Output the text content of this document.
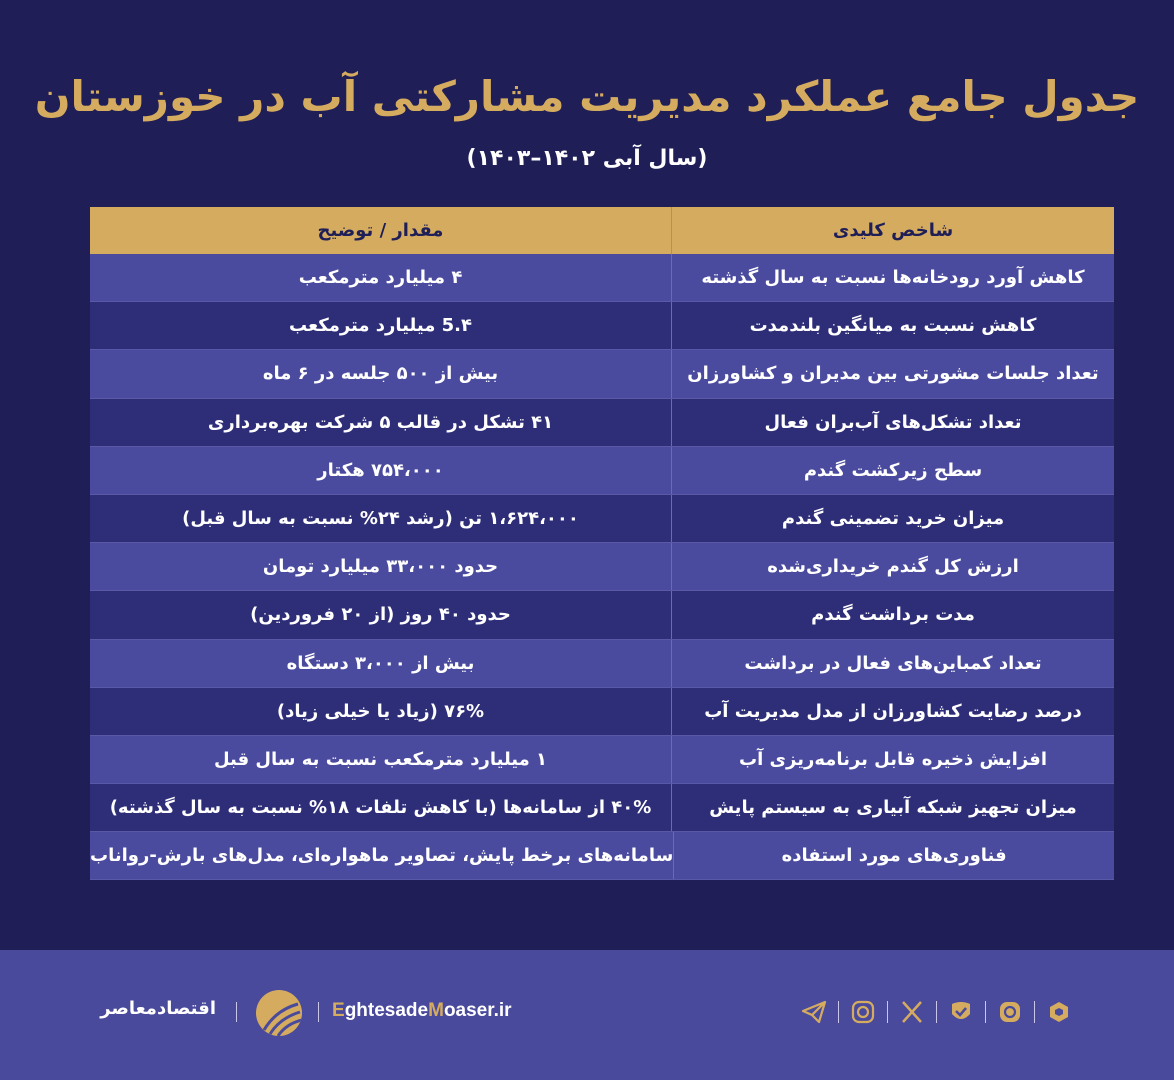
جدول جامع عملکرد مدیریت مشارکتی آب در خوزستان
(سال آبی ۱۴۰۲–۱۴۰۳)
شاخص کلیدی
مقدار / توضیح
کاهش آورد رودخانه‌ها نسبت به سال گذشته
۴ میلیارد مترمکعب
کاهش نسبت به میانگین بلندمدت
5.۴ میلیارد مترمکعب
تعداد جلسات مشورتی بین مدیران و کشاورزان
بیش از ۵۰۰ جلسه در ۶ ماه
تعداد تشکل‌های آب‌بران فعال
۴۱ تشکل در قالب ۵ شرکت بهره‌برداری
سطح زیرکشت گندم
۷۵۴،۰۰۰ هکتار
میزان خرید تضمینی گندم
۱،۶۲۴،۰۰۰ تن (رشد ۲۴% نسبت به سال قبل)
ارزش کل گندم خریداری‌شده
حدود ۳۳،۰۰۰ میلیارد تومان
مدت برداشت گندم
حدود ۴۰ روز (از ۲۰ فروردین)
تعداد کمباین‌های فعال در برداشت
بیش از ۳،۰۰۰ دستگاه
درصد رضایت کشاورزان از مدل مدیریت آب
۷۶% (زیاد یا خیلی زیاد)
افزایش ذخیره قابل برنامه‌ریزی آب
۱ میلیارد مترمکعب نسبت به سال قبل
میزان تجهیز شبکه آبیاری به سیستم پایش
۴۰% از سامانه‌ها (با کاهش تلفات ۱۸% نسبت به سال گذشته)
فناوری‌های مورد استفاده
سامانه‌های برخط پایش، تصاویر ماهواره‌ای، مدل‌های بارش-رواناب
اقتصادمعاصر	EghtesadeMoaser.ir
